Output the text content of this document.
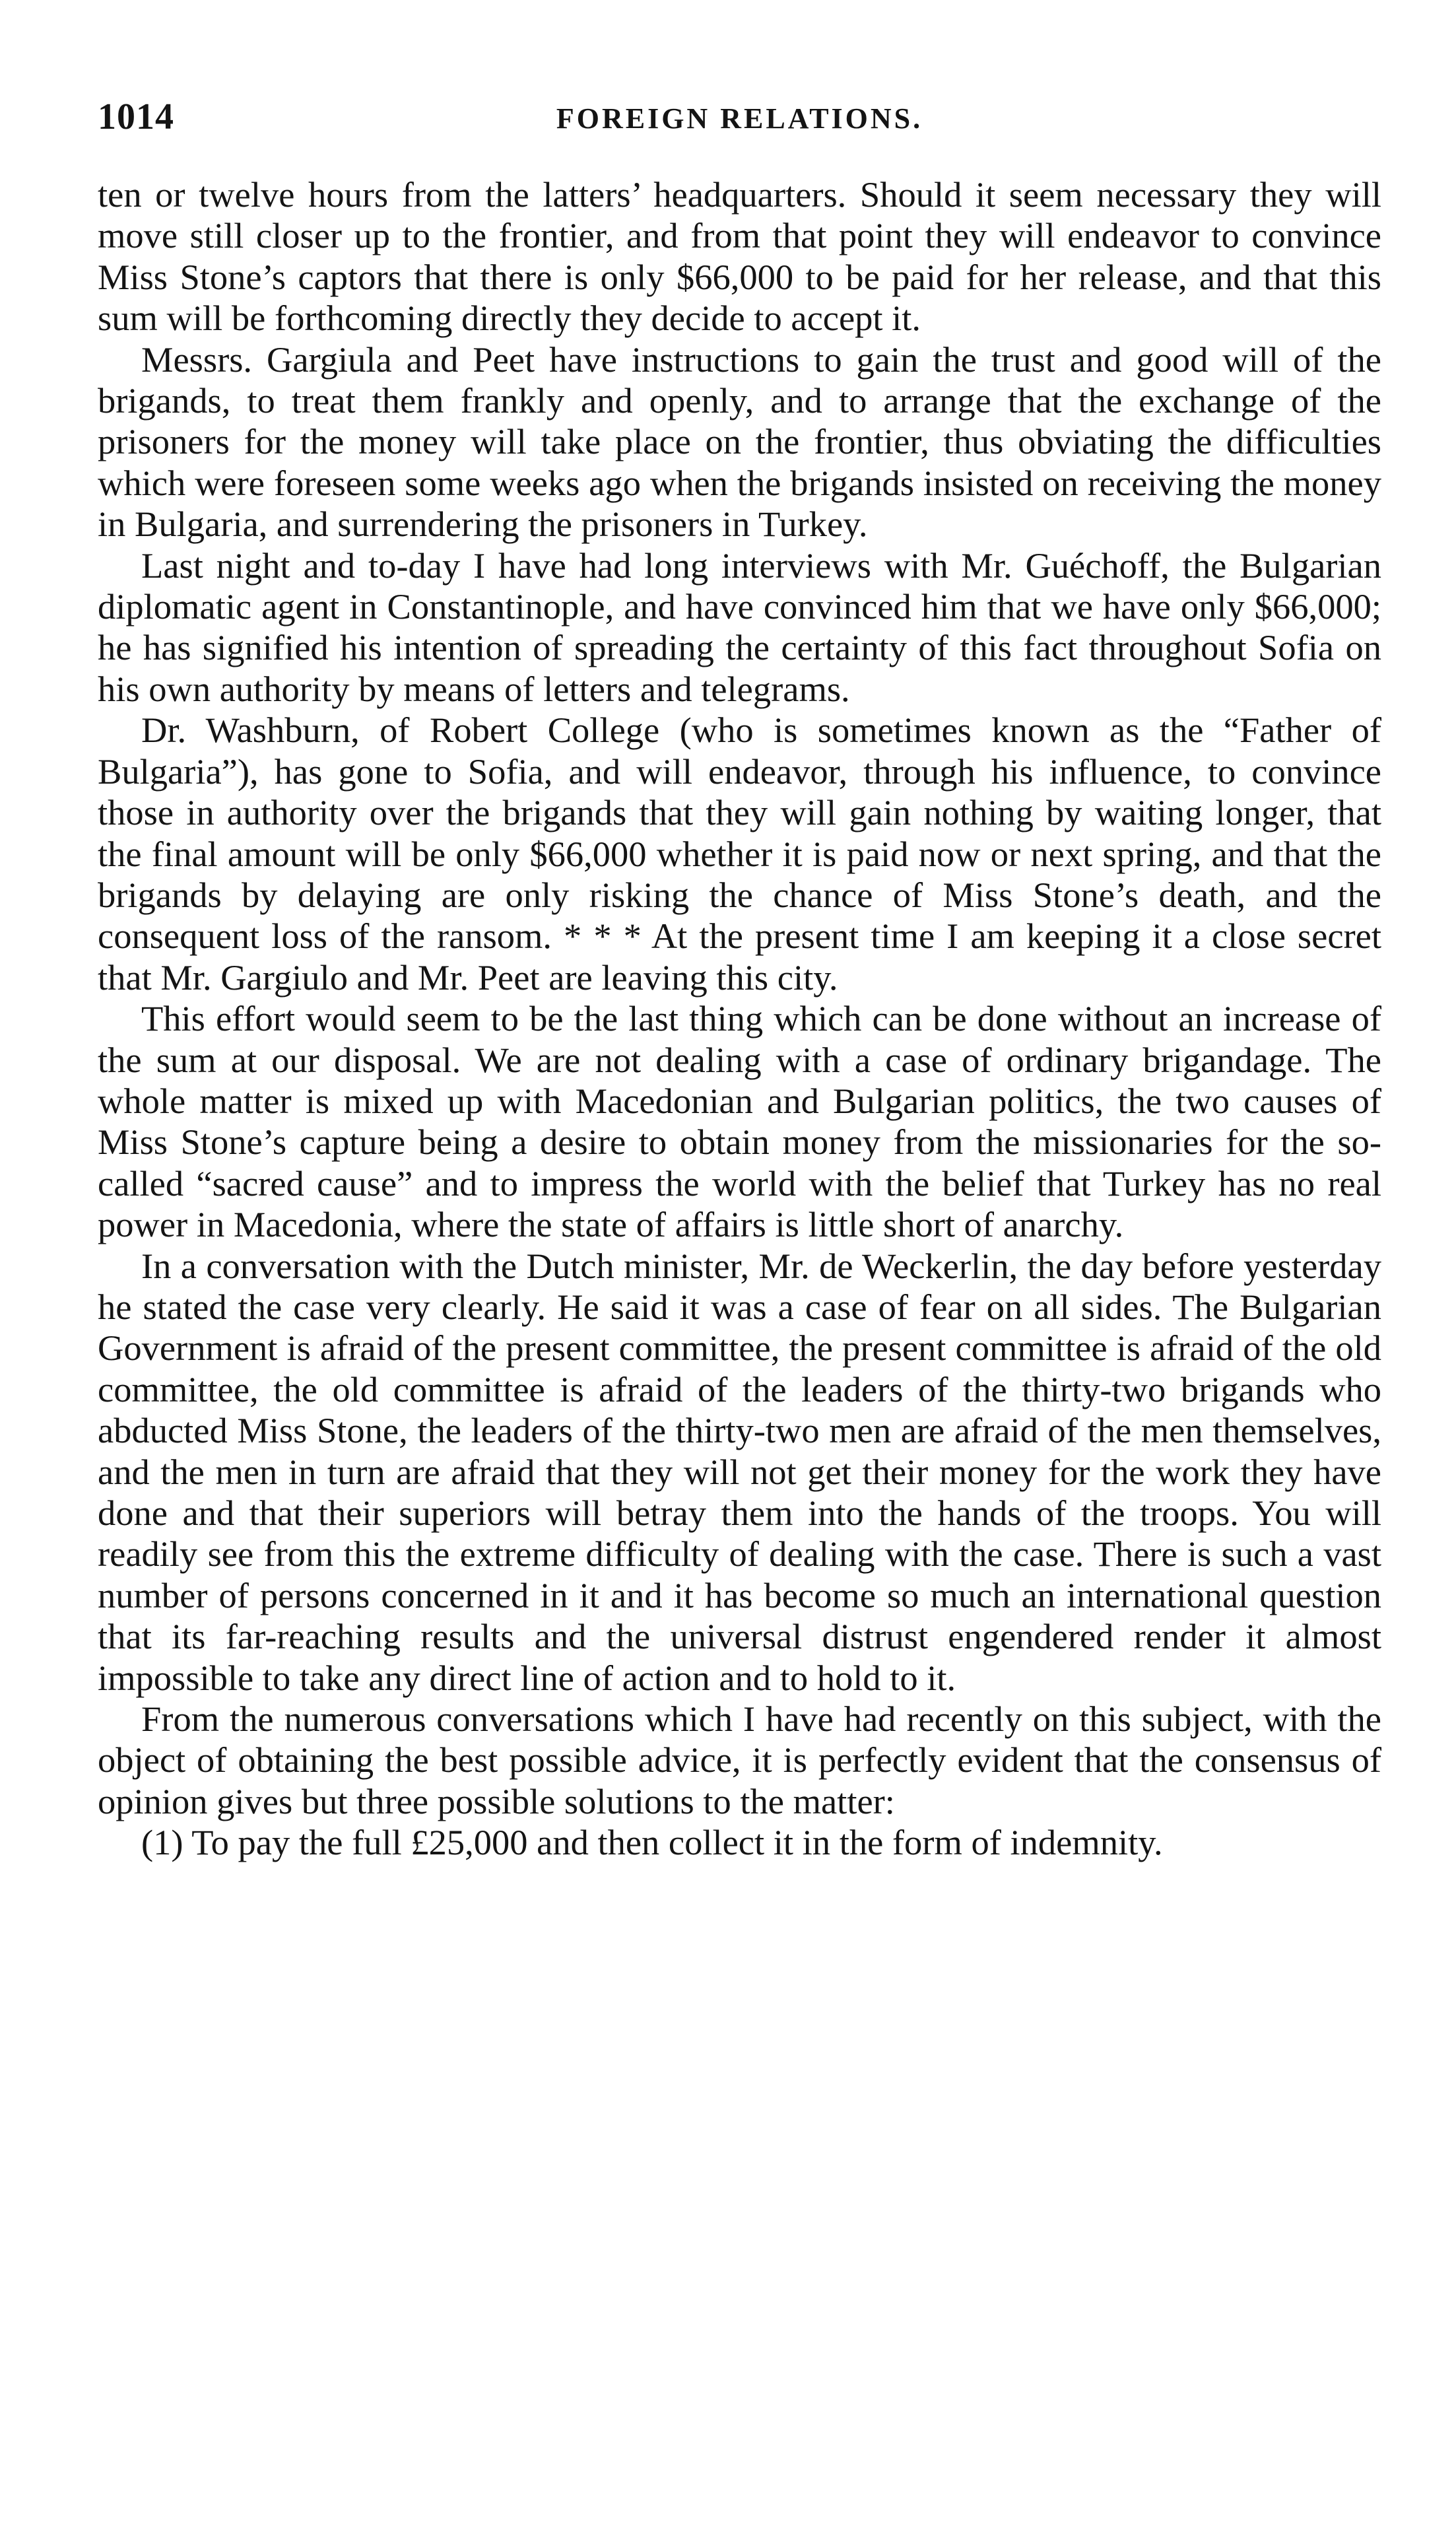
1014	FOREIGN RELATIONS.

ten or twelve hours from the latters’ headquarters. Should it seem necessary they will move still closer up to the frontier, and from that point they will endeavor to convince Miss Stone’s captors that there is only $66,000 to be paid for her release, and that this sum will be forthcoming directly they decide to accept it.

Messrs. Gargiula and Peet have instructions to gain the trust and good will of the brigands, to treat them frankly and openly, and to arrange that the exchange of the prisoners for the money will take place on the frontier, thus obviating the difficulties which were foreseen some weeks ago when the brigands insisted on receiving the money in Bulgaria, and surrendering the prisoners in Turkey.

Last night and to-day I have had long interviews with Mr. Guéchoff, the Bulgarian diplomatic agent in Constantinople, and have convinced him that we have only $66,000; he has signified his intention of spreading the certainty of this fact throughout Sofia on his own authority by means of letters and telegrams.

Dr. Washburn, of Robert College (who is sometimes known as the “Father of Bulgaria”), has gone to Sofia, and will endeavor, through his influence, to convince those in authority over the brigands that they will gain nothing by waiting longer, that the final amount will be only $66,000 whether it is paid now or next spring, and that the brigands by delaying are only risking the chance of Miss Stone’s death, and the consequent loss of the ransom. * * * At the present time I am keeping it a close secret that Mr. Gargiulo and Mr. Peet are leaving this city.

This effort would seem to be the last thing which can be done without an increase of the sum at our disposal. We are not dealing with a case of ordinary brigandage. The whole matter is mixed up with Macedonian and Bulgarian politics, the two causes of Miss Stone’s capture being a desire to obtain money from the missionaries for the so-called “sacred cause” and to impress the world with the belief that Turkey has no real power in Macedonia, where the state of affairs is little short of anarchy.

In a conversation with the Dutch minister, Mr. de Weckerlin, the day before yesterday he stated the case very clearly. He said it was a case of fear on all sides. The Bulgarian Government is afraid of the present committee, the present committee is afraid of the old committee, the old committee is afraid of the leaders of the thirty-two brigands who abducted Miss Stone, the leaders of the thirty-two men are afraid of the men themselves, and the men in turn are afraid that they will not get their money for the work they have done and that their superiors will betray them into the hands of the troops. You will readily see from this the extreme difficulty of dealing with the case. There is such a vast number of persons concerned in it and it has become so much an international question that its far-reaching results and the universal distrust engendered render it almost impossible to take any direct line of action and to hold to it.

From the numerous conversations which I have had recently on this subject, with the object of obtaining the best possible advice, it is perfectly evident that the consensus of opinion gives but three possible solutions to the matter:

(1) To pay the full £25,000 and then collect it in the form of indemnity.
